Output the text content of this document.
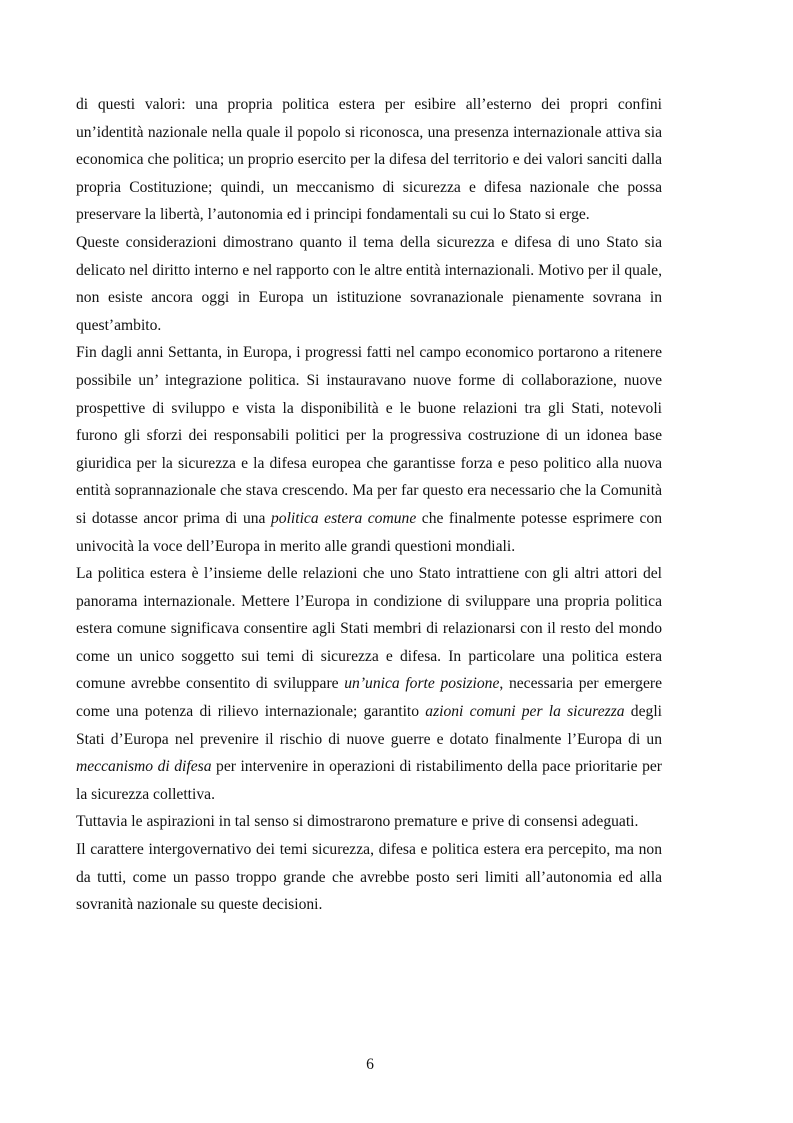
di questi valori: una propria politica estera per esibire all’esterno dei propri confini un’identità nazionale nella quale il popolo si riconosca, una presenza internazionale attiva sia economica che politica; un proprio esercito per la difesa del territorio e dei valori sanciti dalla propria Costituzione; quindi, un meccanismo di sicurezza e difesa nazionale che possa preservare la libertà, l’autonomia ed i principi fondamentali su cui lo Stato si erge.

Queste considerazioni dimostrano quanto il tema della sicurezza e difesa di uno Stato sia delicato nel diritto interno e nel rapporto con le altre entità internazionali. Motivo per il quale, non esiste ancora oggi in Europa un istituzione sovranazionale pienamente sovrana in quest’ambito.

Fin dagli anni Settanta, in Europa, i progressi fatti nel campo economico portarono a ritenere possibile un’ integrazione politica. Si instauravano nuove forme di collaborazione, nuove prospettive di sviluppo e vista la disponibilità e le buone relazioni tra gli Stati, notevoli furono gli sforzi dei responsabili politici per la progressiva costruzione di un idonea base giuridica per la sicurezza e la difesa europea che garantisse forza e peso politico alla nuova entità soprannazionale che stava crescendo. Ma per far questo era necessario che la Comunità si dotasse ancor prima di una politica estera comune che finalmente potesse esprimere con univocità la voce dell’Europa in merito alle grandi questioni mondiali.

La politica estera è l’insieme delle relazioni che uno Stato intrattiene con gli altri attori del panorama internazionale. Mettere l’Europa in condizione di sviluppare una propria politica estera comune significava consentire agli Stati membri di relazionarsi con il resto del mondo come un unico soggetto sui temi di sicurezza e difesa. In particolare una politica estera comune avrebbe consentito di sviluppare un’unica forte posizione, necessaria per emergere come una potenza di rilievo internazionale; garantito azioni comuni per la sicurezza degli Stati d’Europa nel prevenire il rischio di nuove guerre e dotato finalmente l’Europa di un meccanismo di difesa per intervenire in operazioni di ristabilimento della pace prioritarie per la sicurezza collettiva.

Tuttavia le aspirazioni in tal senso si dimostrarono premature e prive di consensi adeguati.

Il carattere intergovernativo dei temi sicurezza, difesa e politica estera era percepito, ma non da tutti, come un passo troppo grande che avrebbe posto seri limiti all’autonomia ed alla sovranità nazionale su queste decisioni.

6
